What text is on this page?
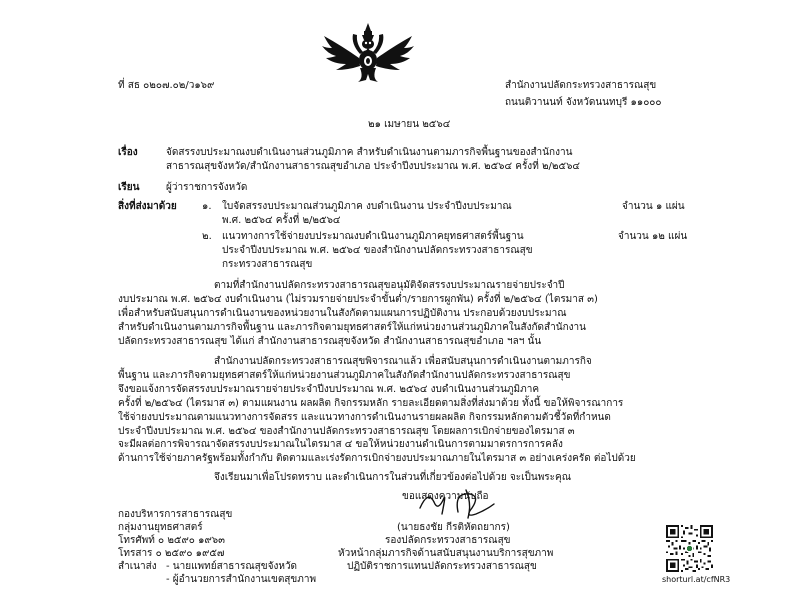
ที่ สธ ๐๒๐๗.๐๒/ว๑๖๙	สำนักงานปลัดกระทรวงสาธารณสุข
ถนนติวานนท์ จังหวัดนนทบุรี ๑๑๐๐๐
๒๑ เมษายน ๒๕๖๔
เรื่อง	จัดสรรงบประมาณงบดำเนินงานส่วนภูมิภาค สำหรับดำเนินงานตามภารกิจพื้นฐานของสำนักงาน
สาธารณสุขจังหวัด/สำนักงานสาธารณสุขอำเภอ ประจำปีงบประมาณ พ.ศ. ๒๕๖๔ ครั้งที่ ๒/๒๕๖๔
เรียน	ผู้ว่าราชการจังหวัด
สิ่งที่ส่งมาด้วย	๑. ใบจัดสรรงบประมาณส่วนภูมิภาค งบดำเนินงาน ประจำปีงบประมาณ	จำนวน ๑ แผ่น
พ.ศ. ๒๕๖๔ ครั้งที่ ๒/๒๕๖๔
๒. แนวทางการใช้จ่ายงบประมาณงบดำเนินงานภูมิภาคยุทธศาสตร์พื้นฐาน	จำนวน ๑๒ แผ่น
ประจำปีงบประมาณ พ.ศ. ๒๕๖๔ ของสำนักงานปลัดกระทรวงสาธารณสุข
กระทรวงสาธารณสุข
ตามที่สำนักงานปลัดกระทรวงสาธารณสุขอนุมัติจัดสรรงบประมาณรายจ่ายประจำปี
งบประมาณ พ.ศ. ๒๕๖๔ งบดำเนินงาน (ไม่รวมรายจ่ายประจำขั้นต่ำ/รายการผูกพัน) ครั้งที่ ๒/๒๕๖๔ (ไตรมาส ๓)
เพื่อสำหรับสนับสนุนการดำเนินงานของหน่วยงานในสังกัดตามแผนการปฏิบัติงาน ประกอบด้วยงบประมาณ
สำหรับดำเนินงานตามภารกิจพื้นฐาน และภารกิจตามยุทธศาสตร์ให้แก่หน่วยงานส่วนภูมิภาคในสังกัดสำนักงาน
ปลัดกระทรวงสาธารณสุข ได้แก่ สำนักงานสาธารณสุขจังหวัด สำนักงานสาธารณสุขอำเภอ ฯลฯ นั้น
สำนักงานปลัดกระทรวงสาธารณสุขพิจารณาแล้ว เพื่อสนับสนุนการดำเนินงานตามภารกิจ
พื้นฐาน และภารกิจตามยุทธศาสตร์ให้แก่หน่วยงานส่วนภูมิภาคในสังกัดสำนักงานปลัดกระทรวงสาธารณสุข
จึงขอแจ้งการจัดสรรงบประมาณรายจ่ายประจำปีงบประมาณ พ.ศ. ๒๕๖๔ งบดำเนินงานส่วนภูมิภาค
ครั้งที่ ๒/๒๕๖๔ (ไตรมาส ๓) ตามแผนงาน ผลผลิต กิจกรรมหลัก รายละเอียดตามสิ่งที่ส่งมาด้วย ทั้งนี้ ขอให้พิจารณาการ
ใช้จ่ายงบประมาณตามแนวทางการจัดสรร และแนวทางการดำเนินงานรายผลผลิต กิจกรรมหลักตามตัวชี้วัดที่กำหนด
ประจำปีงบประมาณ พ.ศ. ๒๕๖๔ ของสำนักงานปลัดกระทรวงสาธารณสุข โดยผลการเบิกจ่ายของไตรมาส ๓
จะมีผลต่อการพิจารณาจัดสรรงบประมาณในไตรมาส ๔ ขอให้หน่วยงานดำเนินการตามมาตรการการคลัง
ด้านการใช้จ่ายภาครัฐพร้อมทั้งกำกับ ติดตามและเร่งรัดการเบิกจ่ายงบประมาณภายในไตรมาส ๓ อย่างเคร่งครัด ต่อไปด้วย
จึงเรียนมาเพื่อโปรดทราบ และดำเนินการในส่วนที่เกี่ยวข้องต่อไปด้วย จะเป็นพระคุณ
ขอแสดงความนับถือ
(นายธงชัย กีรติหัตถยากร)
รองปลัดกระทรวงสาธารณสุข
หัวหน้ากลุ่มภารกิจด้านสนับสนุนงานบริการสุขภาพ
ปฏิบัติราชการแทนปลัดกระทรวงสาธารณสุข
กองบริหารการสาธารณสุข
กลุ่มงานยุทธศาสตร์
โทรศัพท์ ๐ ๒๕๙๐ ๑๙๖๓
โทรสาร ๐ ๒๕๙๐ ๑๙๕๗
สำเนาส่ง - นายแพทย์สาธารณสุขจังหวัด
- ผู้อำนวยการสำนักงานเขตสุขภาพ	shorturl.at/cfNR3
